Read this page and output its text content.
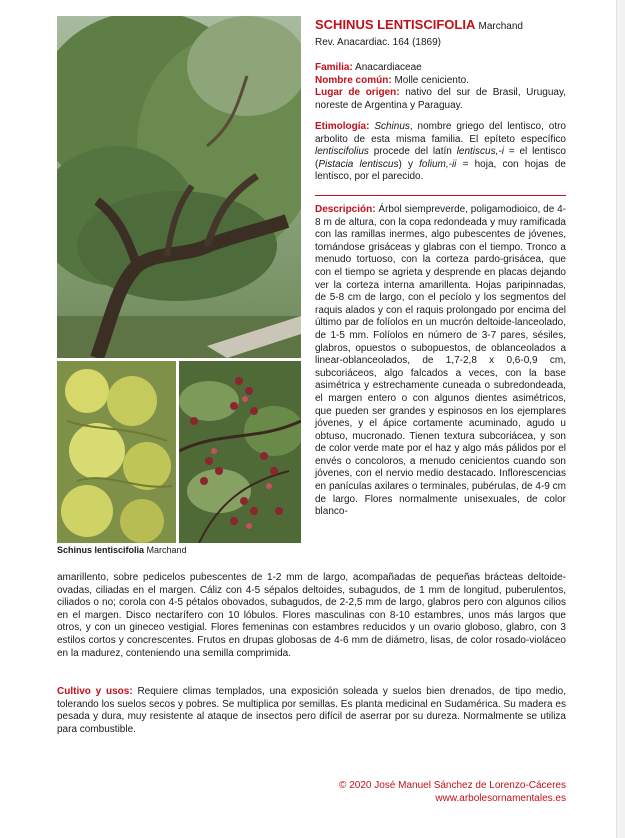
Schinus lentiscifolia Marchand
SCHINUS LENTISCIFOLIA Marchand
Rev. Anacardiac. 164 (1869)
Familia: Anacardiaceae
Nombre común: Molle ceniciento.
Lugar de origen: nativo del sur de Brasil, Uruguay, noreste de Argentina y Paraguay.
Etimología: Schinus, nombre griego del lentisco, otro arbolito de esta misma familia. El epíteto específico lentiscifolius procede del latín lentiscus,-i = el lentisco (Pistacia lentiscus) y folium,-ii = hoja, con hojas de lentisco, por el parecido.
Descripción: Árbol siempreverde, poligamodioico, de 4-8 m de altura, con la copa redondeada y muy ramificada con las ramillas inermes, algo pubescentes de jóvenes, tornándose grisáceas y glabras con el tiempo. Tronco a menudo tortuoso, con la corteza pardo-grisácea, que con el tiempo se agrieta y desprende en placas dejando ver la corteza interna amarillenta. Hojas paripinnadas, de 5-8 cm de largo, con el pecíolo y los segmentos del raquis alados y con el raquis prolongado por encima del último par de folíolos en un mucrón deltoide-lanceolado, de 1-5 mm. Folíolos en número de 3-7 pares, sésiles, glabros, opuestos o subopuestos, de oblanceolados a linear-oblanceolados, de 1,7-2,8 x 0,6-0,9 cm, subcoriáceos, algo falcados a veces, con la base asimétrica y estrechamente cuneada o subredondeada, el margen entero o con algunos dientes asimétricos, que pueden ser grandes y espinosos en los ejemplares jóvenes, y el ápice cortamente acuminado, agudo u obtuso, mucronado. Tienen textura subcoriácea, y son de color verde mate por el haz y algo más pálidos por el envés o concoloros, a menudo cenicientos cuando son jóvenes, con el nervio medio destacado. Inflorescencias en panículas axilares o terminales, pubérulas, de 4-9 cm de largo. Flores normalmente unisexuales, de color blanco-
amarillento, sobre pedicelos pubescentes de 1-2 mm de largo, acompañadas de pequeñas brácteas deltoide-ovadas, ciliadas en el margen. Cáliz con 4-5 sépalos deltoides, subagudos, de 1 mm de longitud, puberulentos, ciliados o no; corola con 4-5 pétalos obovados, subagudos, de 2-2,5 mm de largo, glabros pero con algunos cilios en el margen. Disco nectarífero con 10 lóbulos. Flores masculinas con 8-10 estambres, unos más largos que otros, y con un gineceo vestigial. Flores femeninas con estambres reducidos y un ovario globoso, glabro, con 3 estilos cortos y concrescentes. Frutos en drupas globosas de 4-6 mm de diámetro, lisas, de color rosado-violáceo en la madurez, conteniendo una semilla comprimida.
Cultivo y usos: Requiere climas templados, una exposición soleada y suelos bien drenados, de tipo medio, tolerando los suelos secos y pobres. Se multiplica por semillas. Es planta medicinal en Sudamérica. Su madera es pesada y dura, muy resistente al ataque de insectos pero difícil de aserrar por su dureza. Normalmente se utiliza para combustible.
© 2020 José Manuel Sánchez de Lorenzo-Cáceres
www.arbolesornamentales.es
